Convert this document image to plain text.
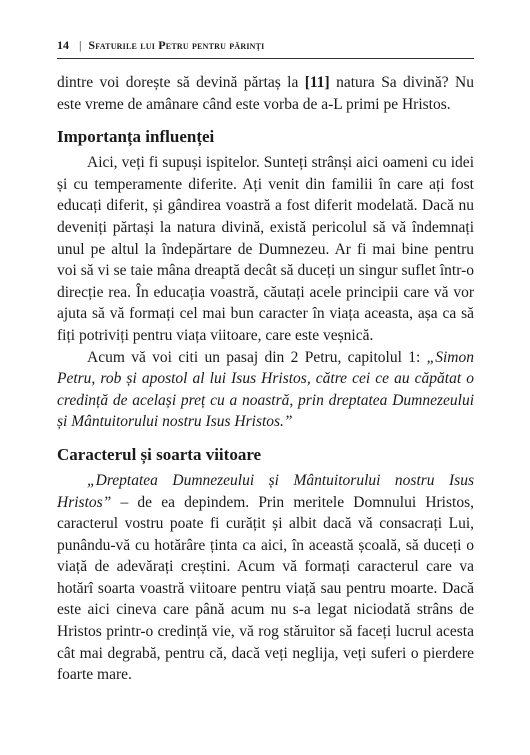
14 | Sfaturile lui Petru pentru părinți

dintre voi dorește să devină părtaș la [11] natura Sa divină? Nu este vreme de amânare când este vorba de a-L primi pe Hristos.

Importanța influenței

Aici, veți fi supuși ispitelor. Sunteți strânși aici oameni cu idei și cu temperamente diferite. Ați venit din familii în care ați fost educați diferit, și gândirea voastră a fost diferit modelată. Dacă nu deveniți părtași la natura divină, există pericolul să vă îndemnați unul pe altul la îndepărtare de Dumnezeu. Ar fi mai bine pentru voi să vi se taie mâna dreaptă decât să duceți un singur suflet într-o direcție rea. În educația voastră, căutați acele principii care vă vor ajuta să vă formați cel mai bun caracter în viața aceasta, așa ca să fiți potriviți pentru viața viitoare, care este veșnică.

Acum vă voi citi un pasaj din 2 Petru, capitolul 1: „Simon Petru, rob și apostol al lui Isus Hristos, către cei ce au căpătat o credință de același preț cu a noastră, prin dreptatea Dumnezeului și Mântuitorului nostru Isus Hristos.”

Caracterul și soarta viitoare

„Dreptatea Dumnezeului și Mântuitorului nostru Isus Hristos” – de ea depindem. Prin meritele Domnului Hristos, caracterul vostru poate fi curățit și albit dacă vă consacrați Lui, punându-vă cu hotărâre ținta ca aici, în această școală, să duceți o viață de adevărați creștini. Acum vă formați caracterul care va hotărî soarta voastră viitoare pentru viață sau pentru moarte. Dacă este aici cineva care până acum nu s-a legat niciodată strâns de Hristos printr-o credință vie, vă rog stăruitor să faceți lucrul acesta cât mai degrabă, pentru că, dacă veți neglija, veți suferi o pierdere foarte mare.
